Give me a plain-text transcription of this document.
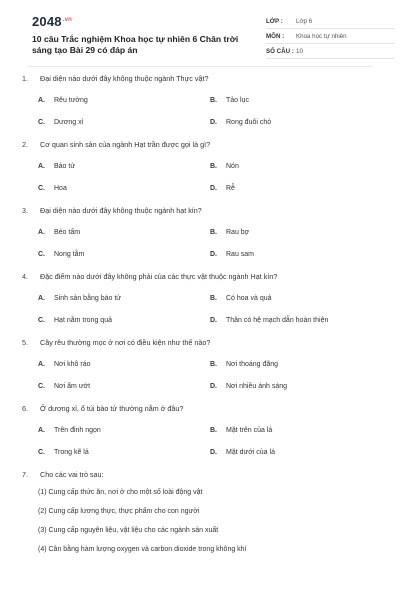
$2048^{.vn}$
10 câu Trắc nghiệm Khoa học tự nhiên 6 Chân trời sáng tạo Bài 29 có đáp án
LỚP :	Lớp 6
MÔN :	Khoa học tự nhiên
SỐ CÂU : 10
1.	Đại diện nào dưới đây không thuộc ngành Thực vật?
A.	Rêu tường	B.	Tảo lục
C.	Dương xỉ	D.	Rong đuôi chó
2.	Cơ quan sinh sản của ngành Hạt trần được gọi là gì?
A.	Bào tử	B.	Nón
C.	Hoa	D.	Rễ
3.	Đại diện nào dưới đây không thuộc ngành hạt kín?
A.	Bèo tấm	B.	Rau bợ
C.	Nong tằm	D.	Rau sam
4.	Đặc điểm nào dưới đây không phải của các thực vật thuộc ngành Hạt kín?
A.	Sinh sản bằng bào tử	B.	Có hoa và quả
C.	Hạt nằm trong quả	D.	Thân có hệ mạch dẫn hoàn thiện
5.	Cây rêu thường mọc ở nơi có điều kiện như thế nào?
A.	Nơi khô ráo	B.	Nơi thoáng đãng
C.	Nơi ẩm ướt	D.	Nơi nhiều ánh sáng
6.	Ở dương xỉ, ổ túi bào tử thường nằm ở đâu?
A.	Trên đỉnh ngọn	B.	Mặt trên của lá
C.	Trong kẽ lá	D.	Mặt dưới của lá
7.	Cho các vai trò sau:
(1) Cung cấp thức ăn, nơi ở cho một số loài động vật
(2) Cung cấp lương thực, thực phẩm cho con người
(3) Cung cấp nguyên liệu, vật liệu cho các ngành sản xuất
(4) Cân bằng hàm lượng oxygen và carbon dioxide trong không khí
